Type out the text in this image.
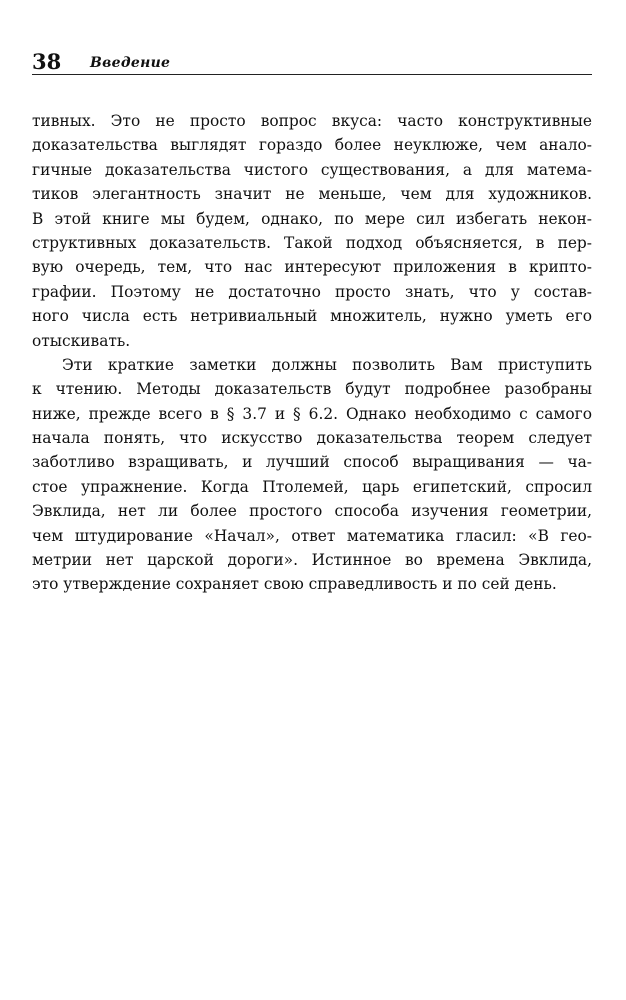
38 Введение
тивных. Это не просто вопрос вкуса: часто конструктивные
доказательства выглядят гораздо более неуклюже, чем анало-
гичные доказательства чистого существования, а для матема-
тиков элегантность значит не меньше, чем для художников.
В этой книге мы будем, однако, по мере сил избегать некон-
структивных доказательств. Такой подход объясняется, в пер-
вую очередь, тем, что нас интересуют приложения в крипто-
графии. Поэтому не достаточно просто знать, что у состав-
ного числа есть нетривиальный множитель, нужно уметь его
отыскивать.
Эти краткие заметки должны позволить Вам приступить
к чтению. Методы доказательств будут подробнее разобраны
ниже, прежде всего в § 3.7 и § 6.2. Однако необходимо с самого
начала понять, что искусство доказательства теорем следует
заботливо взращивать, и лучший способ выращивания — ча-
стое упражнение. Когда Птолемей, царь египетский, спросил
Эвклида, нет ли более простого способа изучения геометрии,
чем штудирование «Начал», ответ математика гласил: «В гео-
метрии нет царской дороги». Истинное во времена Эвклида,
это утверждение сохраняет свою справедливость и по сей день.
